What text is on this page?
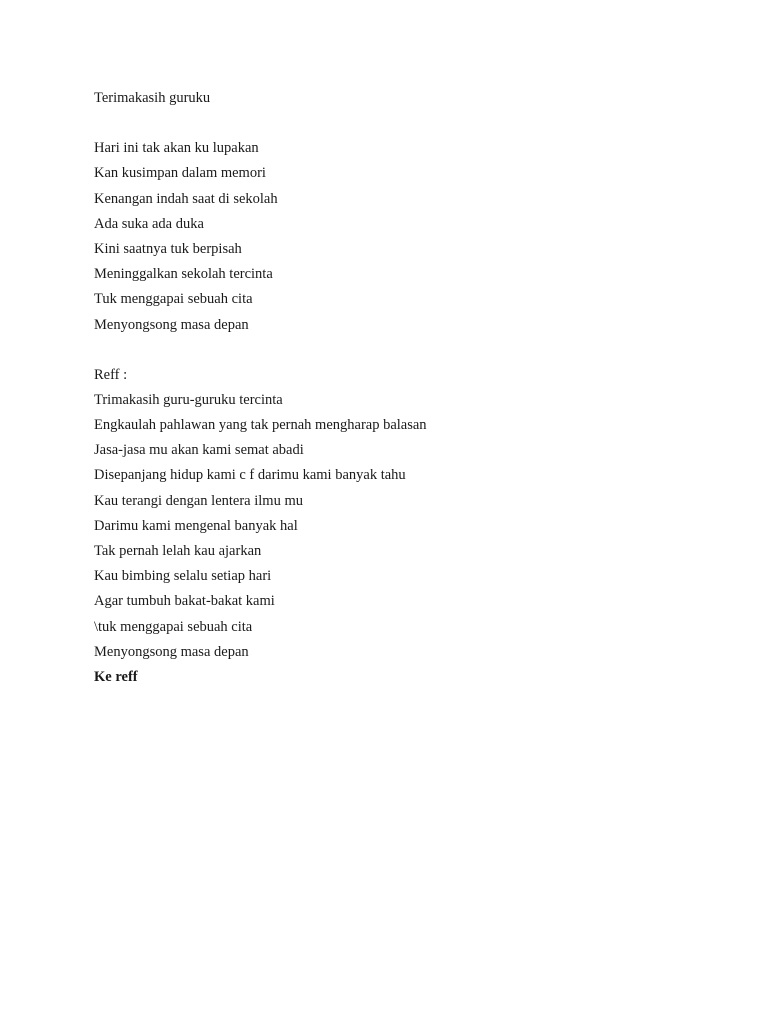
Terimakasih guruku
Hari ini tak akan ku lupakan
Kan kusimpan dalam memori
Kenangan indah saat di sekolah
Ada suka ada duka
Kini saatnya tuk berpisah
Meninggalkan sekolah tercinta
Tuk menggapai sebuah cita
Menyongsong masa depan
Reff :
Trimakasih guru-guruku tercinta
Engkaulah pahlawan yang tak pernah mengharap balasan
Jasa-jasa mu akan kami semat abadi
Disepanjang hidup kami c f darimu kami banyak tahu
Kau terangi dengan lentera ilmu mu
Darimu kami mengenal banyak hal
Tak pernah lelah kau ajarkan
Kau bimbing selalu setiap hari
Agar tumbuh bakat-bakat kami
\tuk menggapai sebuah cita
Menyongsong masa depan
Ke reff
